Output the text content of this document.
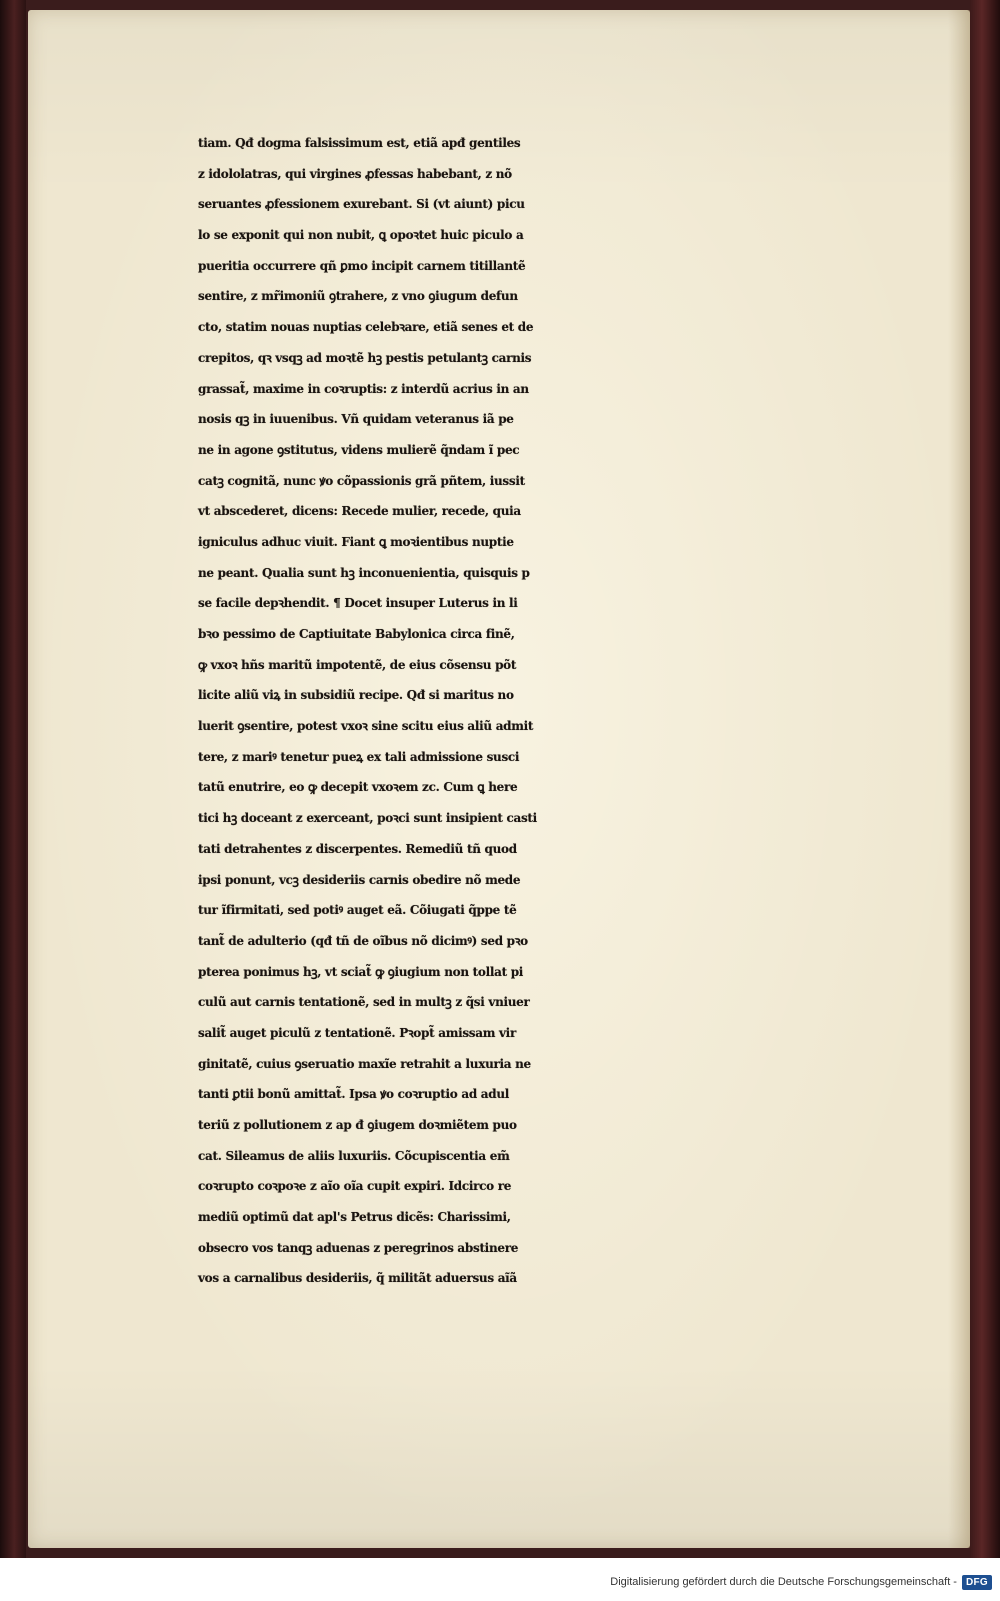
tiam. Qđ dogma falsissimum est, etiã apđ gentiles
z idololatras, qui virgines ꝓfessas habebant, z nõ
seruantes ꝓfessionem exurebant. Si (vt aiunt) picu
lo se exponit qui non nubit, ꝗ opoꝛtet huic piculo a
pueritia occurrere qñ ꝑmo incipit carnem titillantẽ
sentire, z mr̃imoniũ ꝯtrahere, z vno ꝯiugum defun
cto, statim nouas nuptias celebꝛare, etiã senes et de
crepitos, qꝛ vsqꝫ ad moꝛtẽ hꝫ pestis petulantꝫ carnis
grassat̃, maxime in coꝛruptis: z interdũ acrius in an
nosis qꝫ in iuuenibus. Vñ quidam veteranus iã pe
ne in agone ꝯstitutus, videns mulierẽ q̃ndam ĩ pec
catꝫ cognitã, nunc ꝟo cõpassionis grã pñtem, iussit
vt abscederet, dicens: Recede mulier, recede, quia
igniculus adhuc viuit. Fiant ꝗ moꝛientibus nuptie
ne peant. Qualia sunt hꝫ inconuenientia, quisquis p
se facile depꝛhendit. ¶ Docet insuper Luterus in li
bꝛo pessimo de Captiuitate Babylonica circa finẽ,
ꝙ vxoꝛ hñs maritũ impotentẽ, de eius cõsensu põt
licite aliũ viꝝ in subsidiũ recipe. Qđ si maritus no
luerit ꝯsentire, potest vxoꝛ sine scitu eius aliũ admit
tere, z mariꝰ tenetur pueꝝ ex tali admissione susci
tatũ enutrire, eo ꝙ decepit vxoꝛem zc. Cum ꝗ here
tici hꝫ doceant z exerceant, poꝛci sunt insipient casti
tati detrahentes z discerpentes. Remediũ tñ quod
ipsi ponunt, vcꝫ desideriis carnis obedire nõ mede
tur ĩfirmitati, sed potiꝰ auget eã. Cõiugati q̃ppe tẽ
tant̃ de adulterio (qđ tñ de oĩbus nõ dicimꝰ) sed pꝛo
pterea ponimus hꝫ, vt sciat̃ ꝙ ꝯiugium non tollat pi
culũ aut carnis tentationẽ, sed in multꝫ z q̃si vniuer
salit̃ auget piculũ z tentationẽ. Pꝛopt̃ amissam vir
ginitatẽ, cuius ꝯseruatio maxĩe retrahit a luxuria ne
tanti ꝑtii bonũ amittat̃. Ipsa ꝟo coꝛruptio ad adul
teriũ z pollutionem z ap đ ꝯiugem doꝛmiẽtem puo
cat. Sileamus de aliis luxuriis. Cõcupiscentia em̃
coꝛrupto coꝛpoꝛe z aĩo oĩa cupit expiri. Idcirco re
mediũ optimũ dat apl's Petrus dicẽs: Charissimi,
obsecro vos tanqꝫ aduenas z peregrinos abstinere
vos a carnalibus desideriis, q̃ militãt aduersus aĩã
Digitalisierung gefördert durch die Deutsche Forschungsgemeinschaft - DFG
